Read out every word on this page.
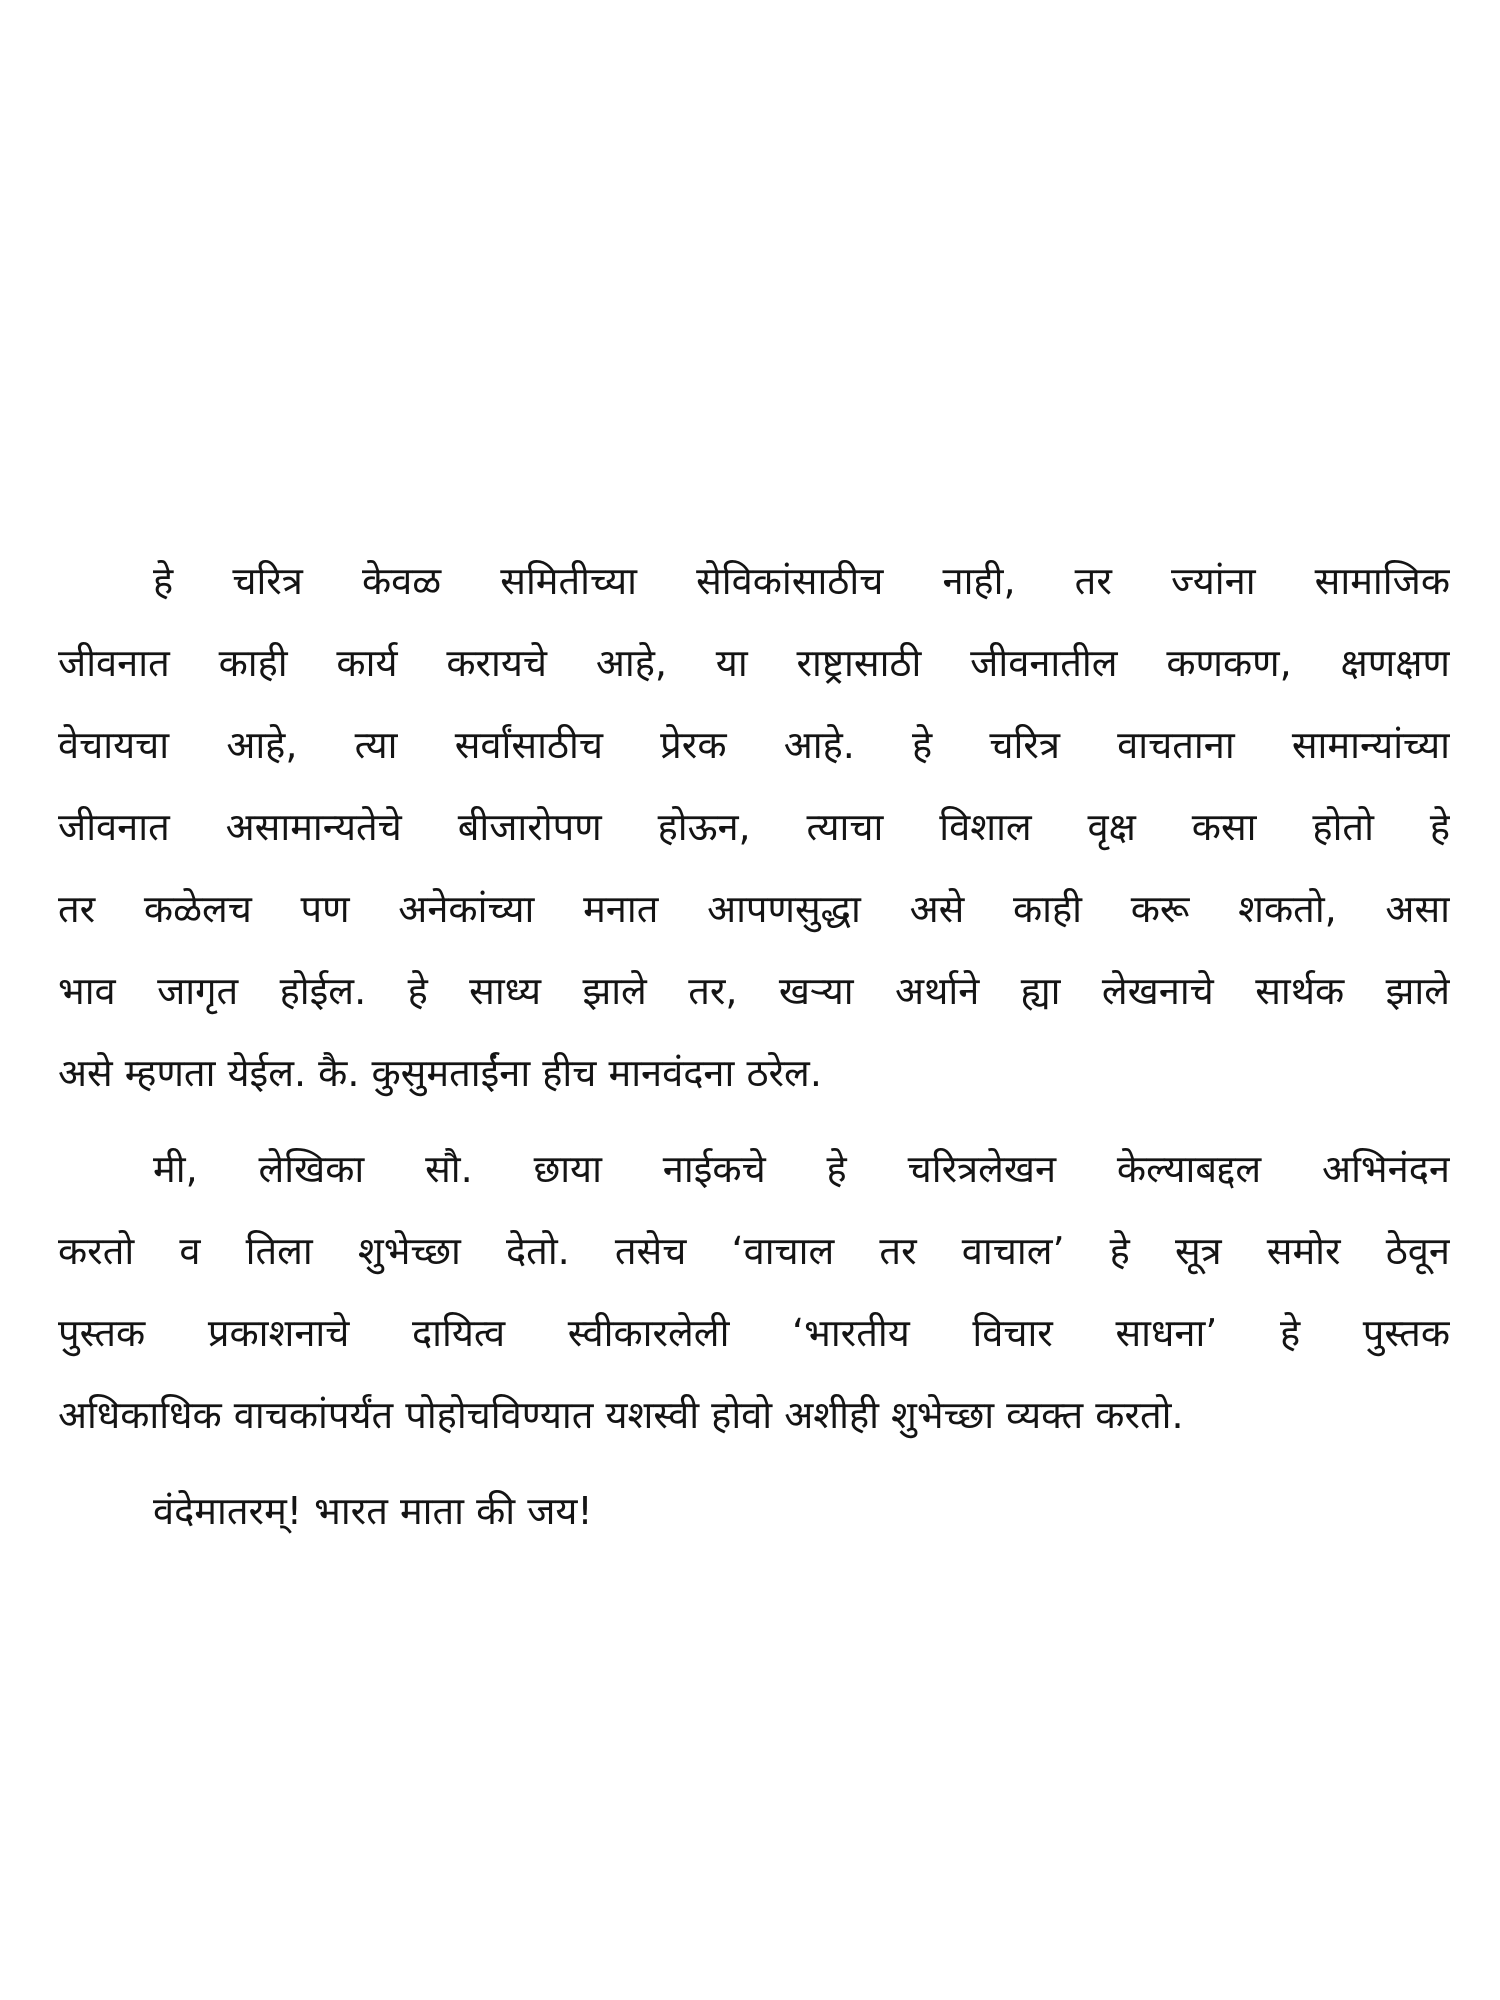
हे चरित्र केवळ समितीच्या सेविकांसाठीच नाही, तर ज्यांना सामाजिक
जीवनात काही कार्य करायचे आहे, या राष्ट्रासाठी जीवनातील कणकण, क्षणक्षण
वेचायचा आहे, त्या सर्वांसाठीच प्रेरक आहे. हे चरित्र वाचताना सामान्यांच्या
जीवनात असामान्यतेचे बीजारोपण होऊन, त्याचा विशाल वृक्ष कसा होतो हे
तर कळेलच पण अनेकांच्या मनात आपणसुद्धा असे काही करू शकतो, असा
भाव जागृत होईल. हे साध्य झाले तर, खऱ्या अर्थाने ह्या लेखनाचे सार्थक झाले
असे म्हणता येईल. कै. कुसुमताईंना हीच मानवंदना ठरेल.
मी, लेखिका सौ. छाया नाईकचे हे चरित्रलेखन केल्याबद्दल अभिनंदन
करतो व तिला शुभेच्छा देतो. तसेच ‘वाचाल तर वाचाल’ हे सूत्र समोर ठेवून
पुस्तक प्रकाशनाचे दायित्व स्वीकारलेली ‘भारतीय विचार साधना’ हे पुस्तक
अधिकाधिक वाचकांपर्यंत पोहोचविण्यात यशस्वी होवो अशीही शुभेच्छा व्यक्त करतो.
वंदेमातरम्! भारत माता की जय!
